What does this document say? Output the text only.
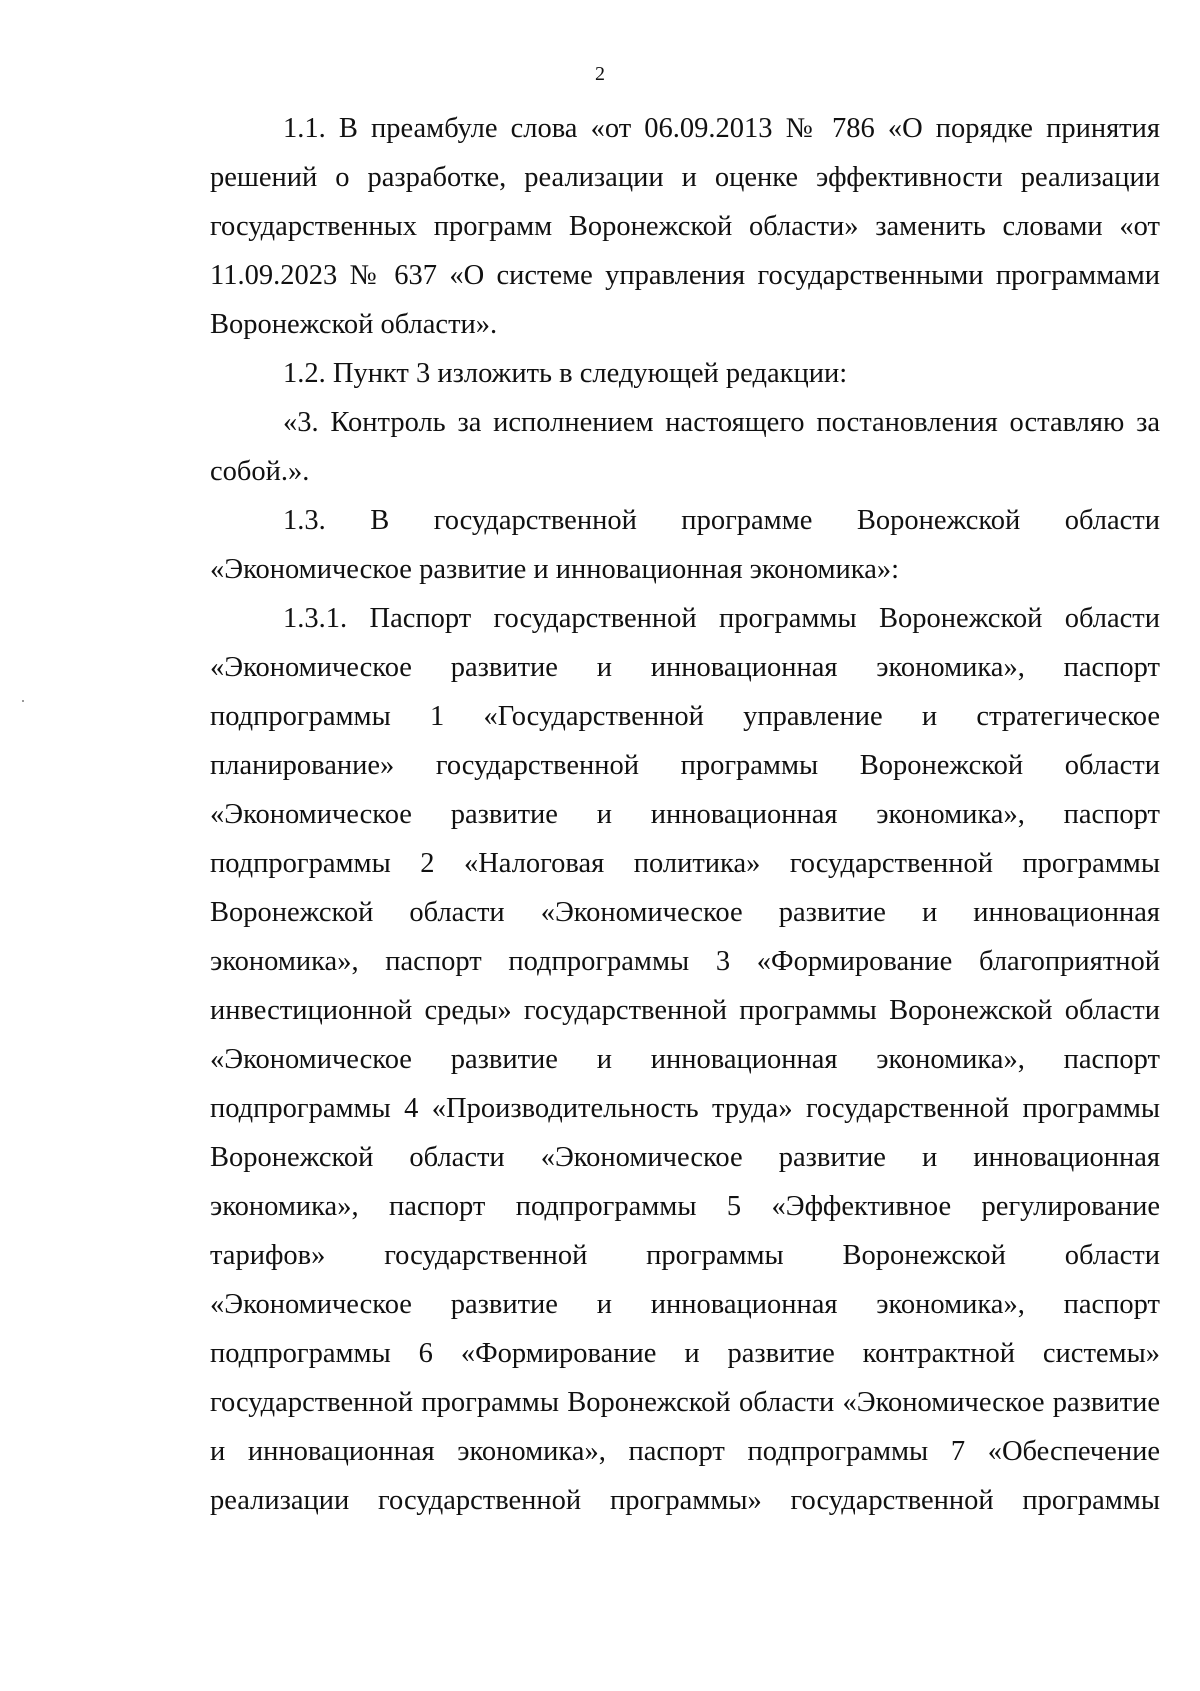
2

1.1. В преамбуле слова «от 06.09.2013 № 786 «О порядке принятия решений о разработке, реализации и оценке эффективности реализации государственных программ Воронежской области» заменить словами «от 11.09.2023 № 637 «О системе управления государственными программами Воронежской области».

1.2. Пункт 3 изложить в следующей редакции:

«3. Контроль за исполнением настоящего постановления оставляю за собой.».

1.3. В государственной программе Воронежской области «Экономическое развитие и инновационная экономика»:

1.3.1. Паспорт государственной программы Воронежской области «Экономическое развитие и инновационная экономика», паспорт подпрограммы 1 «Государственной управление и стратегическое планирование» государственной программы Воронежской области «Экономическое развитие и инновационная экономика», паспорт подпрограммы 2 «Налоговая политика» государственной программы Воронежской области «Экономическое развитие и инновационная экономика», паспорт подпрограммы 3 «Формирование благоприятной инвестиционной среды» государственной программы Воронежской области «Экономическое развитие и инновационная экономика», паспорт подпрограммы 4 «Производительность труда» государственной программы Воронежской области «Экономическое развитие и инновационная экономика», паспорт подпрограммы 5 «Эффективное регулирование тарифов» государственной программы Воронежской области «Экономическое развитие и инновационная экономика», паспорт подпрограммы 6 «Формирование и развитие контрактной системы» государственной программы Воронежской области «Экономическое развитие и инновационная экономика», паспорт подпрограммы 7 «Обеспечение реализации государственной программы» государственной программы
